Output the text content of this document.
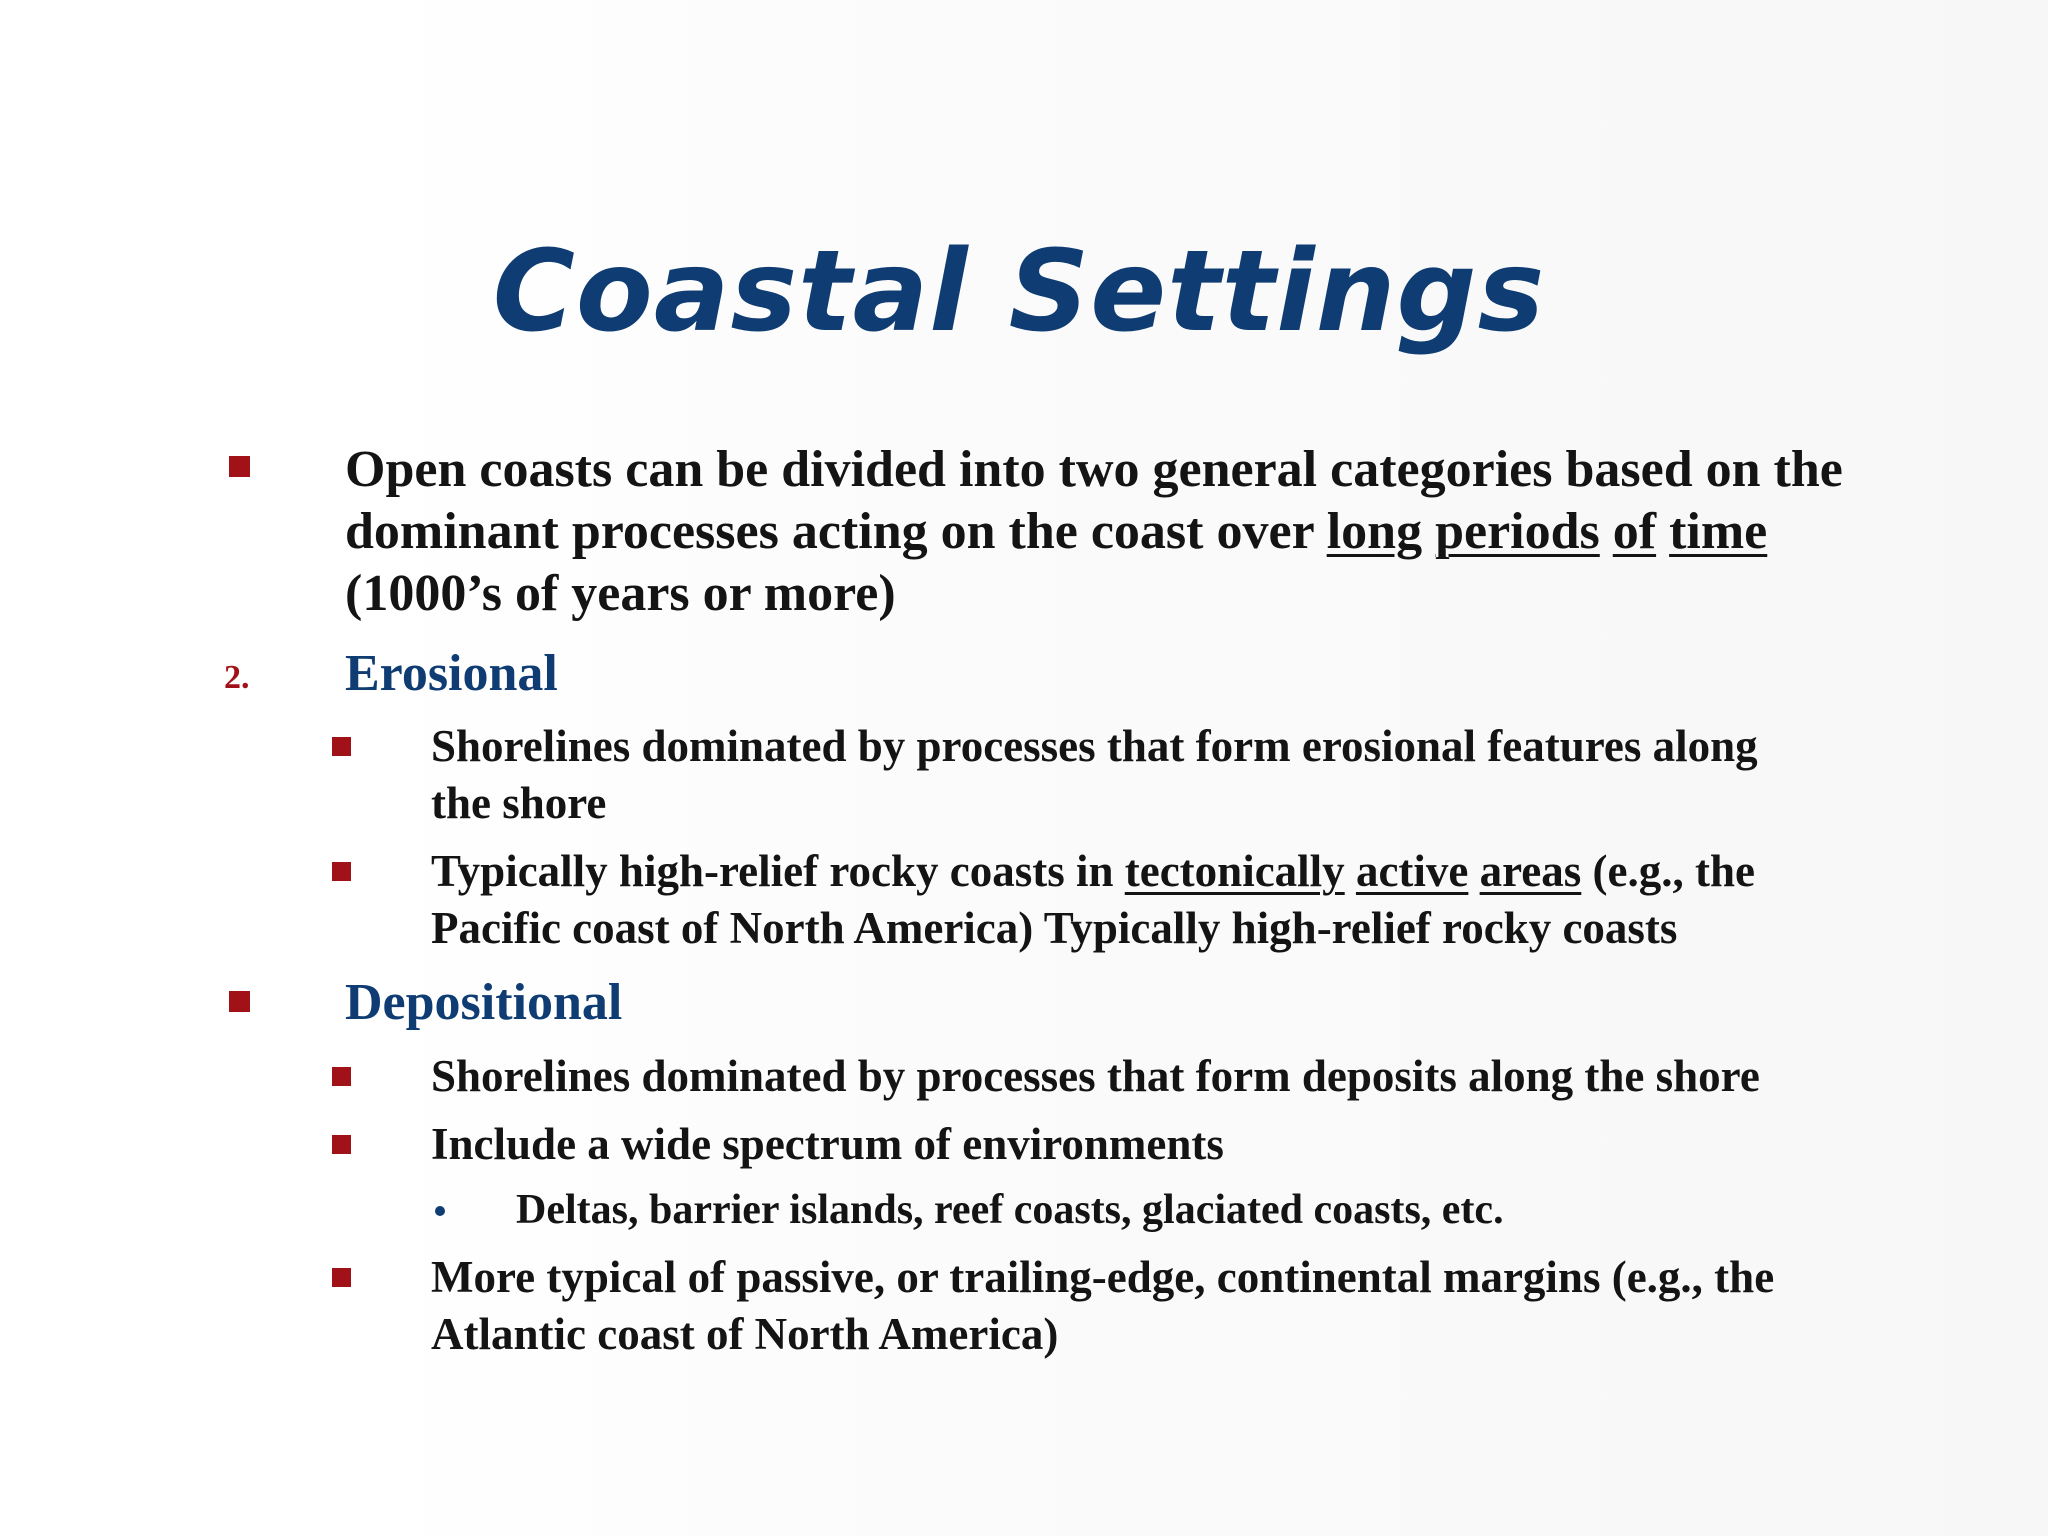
Coastal Settings
Open coasts can be divided into two general categories based on the
dominant processes acting on the coast over long periods of time
(1000’s of years or more)
2. Erosional
Shorelines dominated by processes that form erosional features along
the shore
Typically high-relief rocky coasts in tectonically active areas (e.g., the
Pacific coast of North America) Typically high-relief rocky coasts
Depositional
Shorelines dominated by processes that form deposits along the shore
Include a wide spectrum of environments
Deltas, barrier islands, reef coasts, glaciated coasts, etc.
More typical of passive, or trailing-edge, continental margins (e.g., the
Atlantic coast of North America)
